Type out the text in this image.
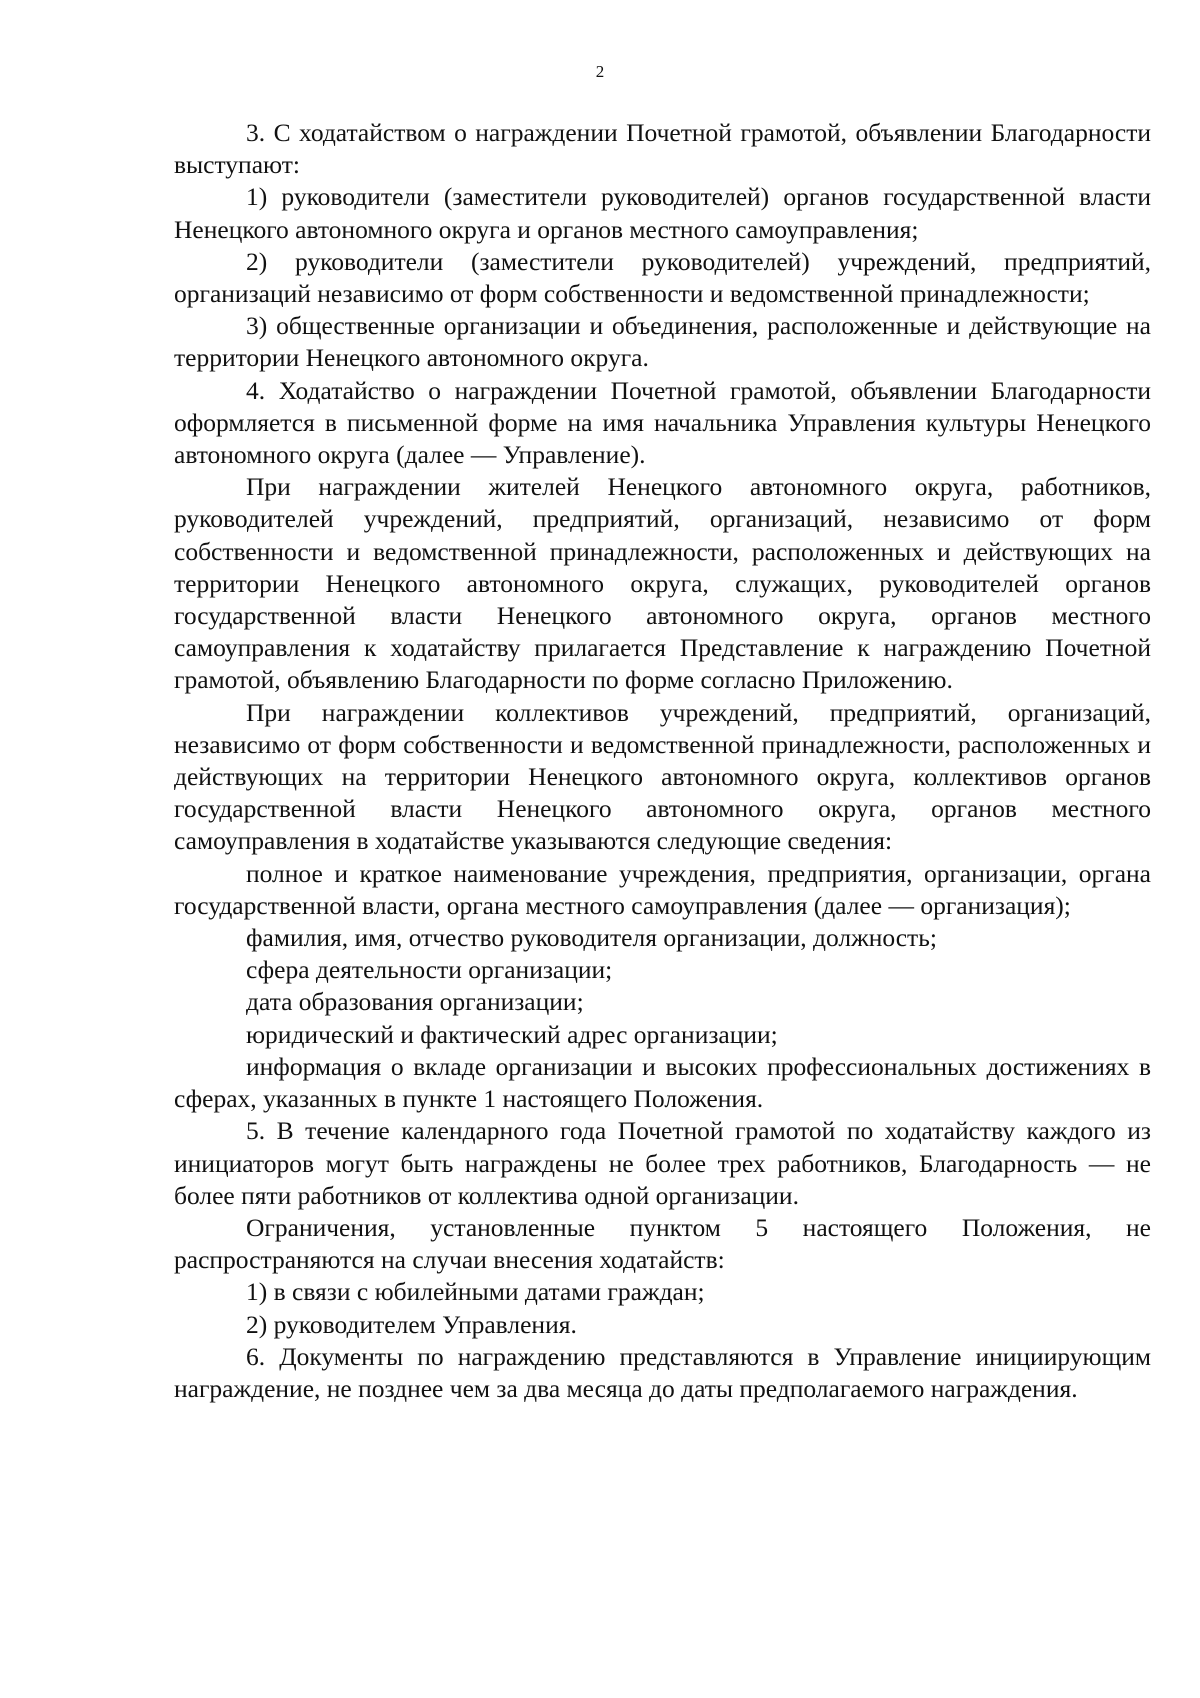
2

3. С ходатайством о награждении Почетной грамотой, объявлении Благодарности выступают:

1) руководители (заместители руководителей) органов государственной власти Ненецкого автономного округа и органов местного самоуправления;

2) руководители (заместители руководителей) учреждений, предприятий, организаций независимо от форм собственности и ведомственной принадлежности;

3) общественные организации и объединения, расположенные и действующие на территории Ненецкого автономного округа.

4. Ходатайство о награждении Почетной грамотой, объявлении Благодарности оформляется в письменной форме на имя начальника Управления культуры Ненецкого автономного округа (далее — Управление).

При награждении жителей Ненецкого автономного округа, работников, руководителей учреждений, предприятий, организаций, независимо от форм собственности и ведомственной принадлежности, расположенных и действующих на территории Ненецкого автономного округа, служащих, руководителей органов государственной власти Ненецкого автономного округа, органов местного самоуправления к ходатайству прилагается Представление к награждению Почетной грамотой, объявлению Благодарности по форме согласно Приложению.

При награждении коллективов учреждений, предприятий, организаций, независимо от форм собственности и ведомственной принадлежности, расположенных и действующих на территории Ненецкого автономного округа, коллективов органов государственной власти Ненецкого автономного округа, органов местного самоуправления в ходатайстве указываются следующие сведения:

полное и краткое наименование учреждения, предприятия, организации, органа государственной власти, органа местного самоуправления (далее — организация);

фамилия, имя, отчество руководителя организации, должность;

сфера деятельности организации;

дата образования организации;

юридический и фактический адрес организации;

информация о вкладе организации и высоких профессиональных достижениях в сферах, указанных в пункте 1 настоящего Положения.

5. В течение календарного года Почетной грамотой по ходатайству каждого из инициаторов могут быть награждены не более трех работников, Благодарность — не более пяти работников от коллектива одной организации.

Ограничения, установленные пунктом 5 настоящего Положения, не распространяются на случаи внесения ходатайств:

1) в связи с юбилейными датами граждан;

2) руководителем Управления.

6. Документы по награждению представляются в Управление инициирующим награждение, не позднее чем за два месяца до даты предполагаемого награждения.
